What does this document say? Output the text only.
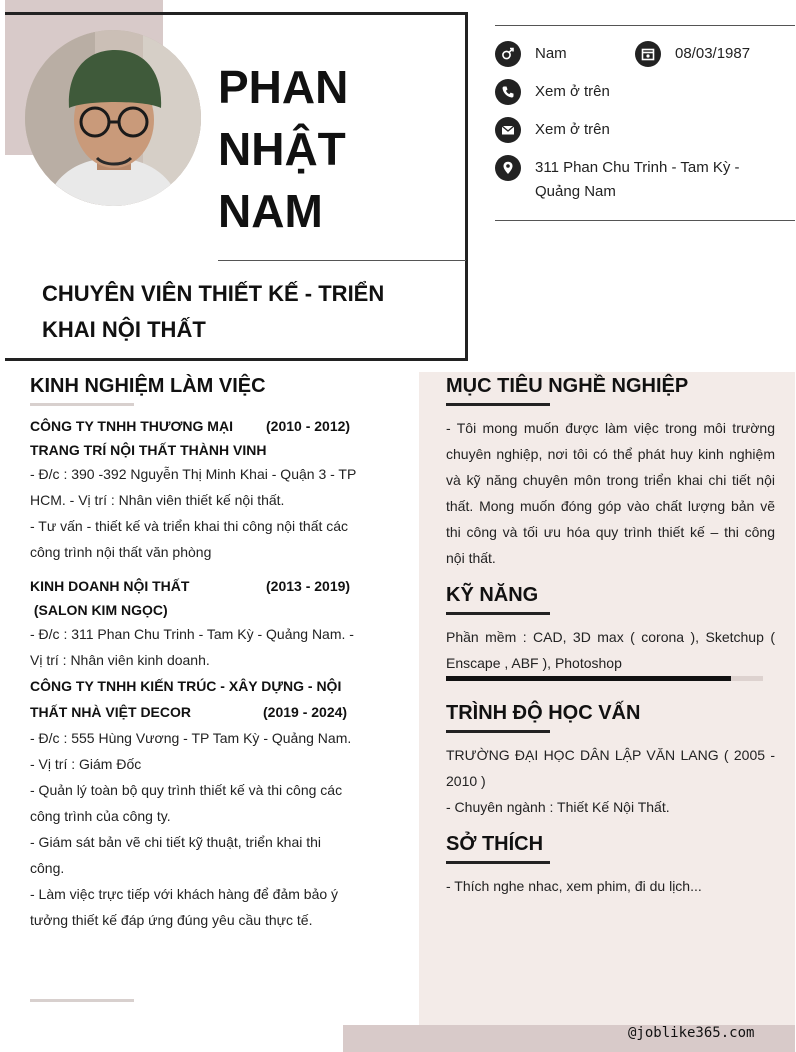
PHAN
NHẬT
NAM
CHUYÊN VIÊN THIẾT KẾ - TRIỂN KHAI NỘI THẤT
Nam	08/03/1987
Xem ở trên
Xem ở trên
311 Phan Chu Trinh - Tam Kỳ - Quảng Nam
@joblike365.com
KINH NGHIỆM LÀM VIỆC
CÔNG TY TNHH THƯƠNG MẠI
TRANG TRÍ NỘI THẤT THÀNH VINH
(2010 - 2012)
- Đ/c : 390 -392 Nguyễn Thị Minh Khai - Quận 3 - TP HCM. - Vị trí : Nhân viên thiết kế nội thất.
- Tư vấn - thiết kế và triển khai thi công nội thất các công trình nội thất văn phòng
KINH DOANH NỘI THẤT
(SALON KIM NGỌC)
(2013 - 2019)
- Đ/c : 311 Phan Chu Trinh - Tam Kỳ - Quảng Nam. - Vị trí : Nhân viên kinh doanh.
CÔNG TY TNHH KIẾN TRÚC - XÂY DỰNG - NỘI
THẤT NHÀ VIỆT DECOR	(2019 - 2024)
- Đ/c : 555 Hùng Vương - TP Tam Kỳ - Quảng Nam.
- Vị trí : Giám Đốc
- Quản lý toàn bộ quy trình thiết kế và thi công các công trình của công ty.
- Giám sát bản vẽ chi tiết kỹ thuật, triển khai thi công.
- Làm việc trực tiếp với khách hàng để đảm bảo ý tưởng thiết kế đáp ứng đúng yêu cầu thực tế.
MỤC TIÊU NGHỀ NGHIỆP
- Tôi mong muốn được làm việc trong môi trường chuyên nghiệp, nơi tôi có thể phát huy kinh nghiệm và kỹ năng chuyên môn trong triển khai chi tiết nội thất. Mong muốn đóng góp vào chất lượng bản vẽ thi công và tối ưu hóa quy trình thiết kế – thi công nội thất.
KỸ NĂNG
Phần mềm : CAD, 3D max ( corona ), Sketchup ( Enscape , ABF ), Photoshop
TRÌNH ĐỘ HỌC VẤN
TRƯỜNG ĐẠI HỌC DÂN LẬP VĂN LANG ( 2005 - 2010 )
- Chuyên ngành : Thiết Kế Nội Thất.
SỞ THÍCH
- Thích nghe nhac, xem phim, đi du lịch...
